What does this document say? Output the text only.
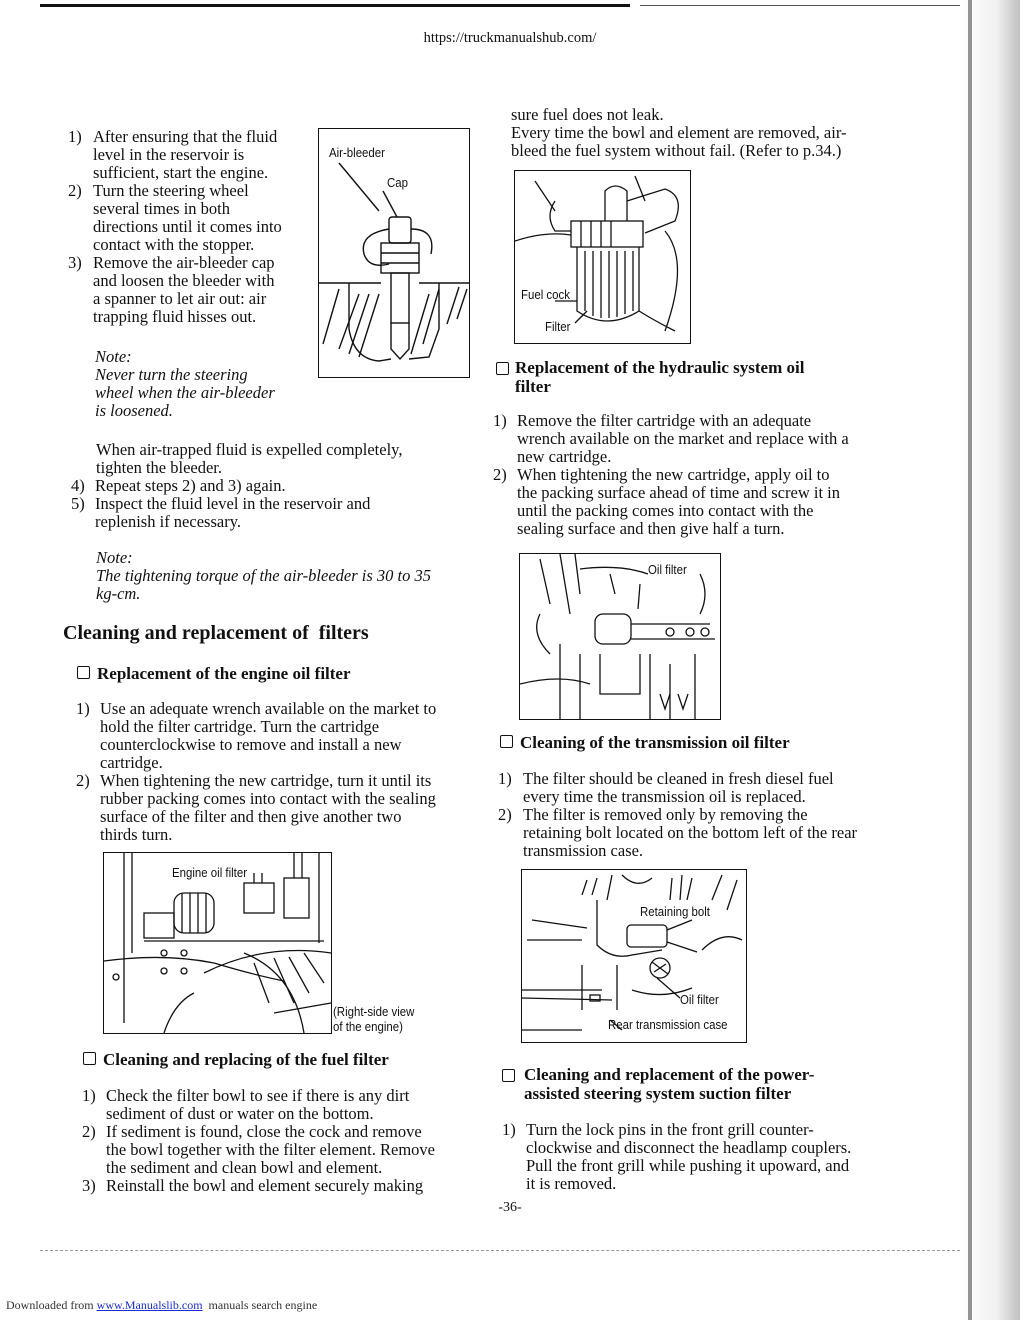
https://truckmanualshub.com/
1) After ensuring that the fluid
level in the reservoir is
sufficient, start the engine.
2) Turn the steering wheel
several times in both
directions until it comes into
contact with the stopper.
3) Remove the air-bleeder cap
and loosen the bleeder with
a spanner to let air out: air
trapping fluid hisses out.
Air-bleeder
Cap
Note:
Never turn the steering
wheel when the air-bleeder
is loosened.
When air-trapped fluid is expelled completely,
tighten the bleeder.
4) Repeat steps 2) and 3) again.
5) Inspect the fluid level in the reservoir and
replenish if necessary.
Note:
The tightening torque of the air-bleeder is 30 to 35
kg-cm.
Cleaning and replacement of  filters
Replacement of the engine oil filter
1) Use an adequate wrench available on the market to
hold the filter cartridge. Turn the cartridge
counterclockwise to remove and install a new
cartridge.
2) When tightening the new cartridge, turn it until its
rubber packing comes into contact with the sealing
surface of the filter and then give another two
thirds turn.
Engine oil filter
(Right-side view
of the engine)
Cleaning and replacing of the fuel filter
1) Check the filter bowl to see if there is any dirt
sediment of dust or water on the bottom.
2) If sediment is found, close the cock and remove
the bowl together with the filter element. Remove
the sediment and clean bowl and element.
3) Reinstall the bowl and element securely making
sure fuel does not leak.
Every time the bowl and element are removed, air-
bleed the fuel system without fail. (Refer to p.34.)
Fuel cock
Filter
Replacement of the hydraulic system oil
filter
1) Remove the filter cartridge with an adequate
wrench available on the market and replace with a
new cartridge.
2) When tightening the new cartridge, apply oil to
the packing surface ahead of time and screw it in
until the packing comes into contact with the
sealing surface and then give half a turn.
Oil filter
Cleaning of the transmission oil filter
1) The filter should be cleaned in fresh diesel fuel
every time the transmission oil is replaced.
2) The filter is removed only by removing the
retaining bolt located on the bottom left of the rear
transmission case.
Retaining bolt
Oil filter
Rear transmission case
Cleaning and replacement of the power-
assisted steering system suction filter
1) Turn the lock pins in the front grill counter-
clockwise and disconnect the headlamp couplers.
Pull the front grill while pushing it upoward, and
it is removed.
-36-
Downloaded from www.Manualslib.com  manuals search engine
